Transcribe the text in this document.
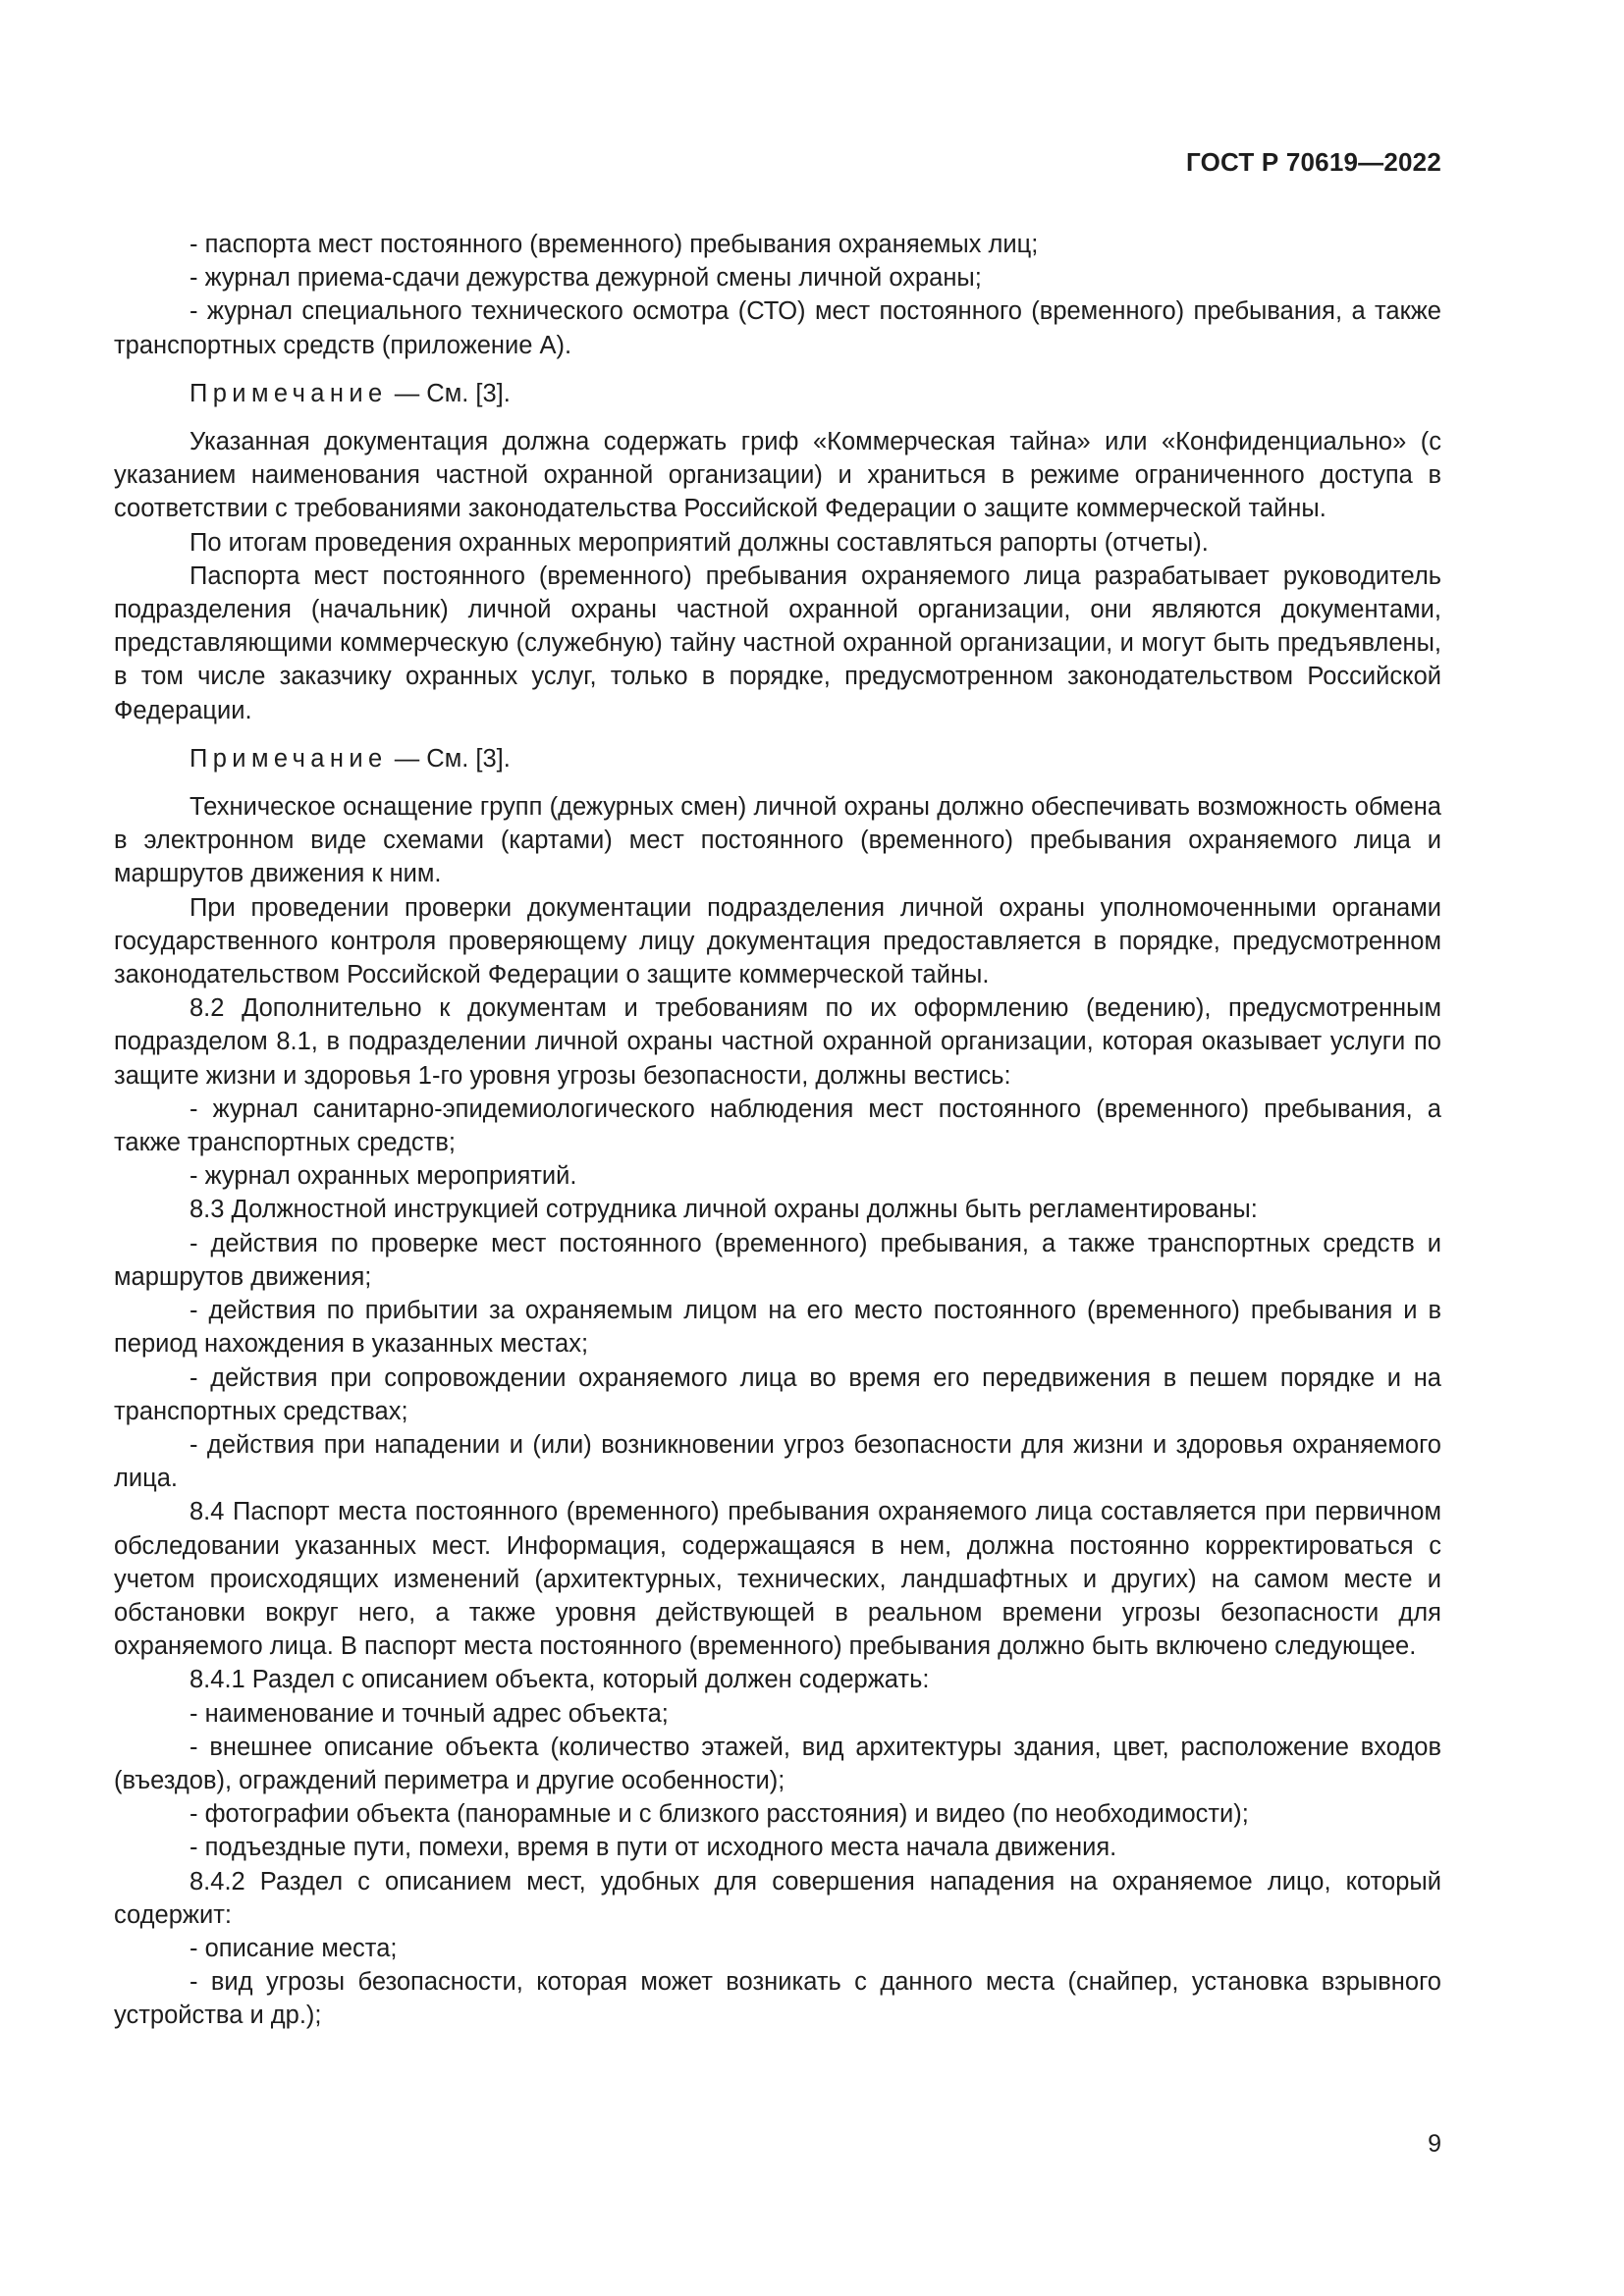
ГОСТ Р 70619—2022

- паспорта мест постоянного (временного) пребывания охраняемых лиц;

- журнал приема-сдачи дежурства дежурной смены личной охраны;

- журнал специального технического осмотра (СТО) мест постоянного (временного) пребывания, а также транспортных средств (приложение А).

Примечание — См. [3].

Указанная документация должна содержать гриф «Коммерческая тайна» или «Конфиденциально» (с указанием наименования частной охранной организации) и храниться в режиме ограниченного доступа в соответствии с требованиями законодательства Российской Федерации о защите коммерческой тайны.

По итогам проведения охранных мероприятий должны составляться рапорты (отчеты).

Паспорта мест постоянного (временного) пребывания охраняемого лица разрабатывает руководитель подразделения (начальник) личной охраны частной охранной организации, они являются документами, представляющими коммерческую (служебную) тайну частной охранной организации, и могут быть предъявлены, в том числе заказчику охранных услуг, только в порядке, предусмотренном законодательством Российской Федерации.

Примечание — См. [3].

Техническое оснащение групп (дежурных смен) личной охраны должно обеспечивать возможность обмена в электронном виде схемами (картами) мест постоянного (временного) пребывания охраняемого лица и маршрутов движения к ним.

При проведении проверки документации подразделения личной охраны уполномоченными органами государственного контроля проверяющему лицу документация предоставляется в порядке, предусмотренном законодательством Российской Федерации о защите коммерческой тайны.

8.2 Дополнительно к документам и требованиям по их оформлению (ведению), предусмотренным подразделом 8.1, в подразделении личной охраны частной охранной организации, которая оказывает услуги по защите жизни и здоровья 1-го уровня угрозы безопасности, должны вестись:

- журнал санитарно-эпидемиологического наблюдения мест постоянного (временного) пребывания, а также транспортных средств;

- журнал охранных мероприятий.

8.3 Должностной инструкцией сотрудника личной охраны должны быть регламентированы:

- действия по проверке мест постоянного (временного) пребывания, а также транспортных средств и маршрутов движения;

- действия по прибытии за охраняемым лицом на его место постоянного (временного) пребывания и в период нахождения в указанных местах;

- действия при сопровождении охраняемого лица во время его передвижения в пешем порядке и на транспортных средствах;

- действия при нападении и (или) возникновении угроз безопасности для жизни и здоровья охраняемого лица.

8.4 Паспорт места постоянного (временного) пребывания охраняемого лица составляется при первичном обследовании указанных мест. Информация, содержащаяся в нем, должна постоянно корректироваться с учетом происходящих изменений (архитектурных, технических, ландшафтных и других) на самом месте и обстановки вокруг него, а также уровня действующей в реальном времени угрозы безопасности для охраняемого лица. В паспорт места постоянного (временного) пребывания должно быть включено следующее.

8.4.1 Раздел с описанием объекта, который должен содержать:

- наименование и точный адрес объекта;

- внешнее описание объекта (количество этажей, вид архитектуры здания, цвет, расположение входов (въездов), ограждений периметра и другие особенности);

- фотографии объекта (панорамные и с близкого расстояния) и видео (по необходимости);

- подъездные пути, помехи, время в пути от исходного места начала движения.

8.4.2 Раздел с описанием мест, удобных для совершения нападения на охраняемое лицо, который содержит:

- описание места;

- вид угрозы безопасности, которая может возникать с данного места (снайпер, установка взрывного устройства и др.);

9
